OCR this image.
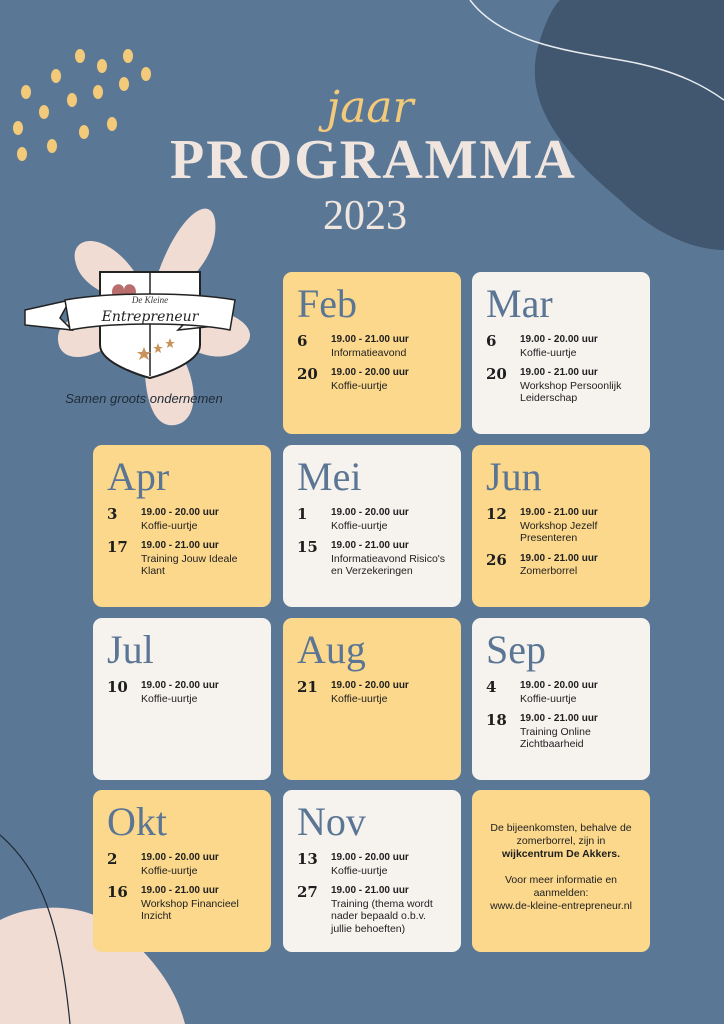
De Kleine
Entrepreneur
jaar
PROGRAMMA
2023
Samen groots ondernemen
Feb
6	19.00 - 21.00 uur
Informatieavond
20	19.00 - 20.00 uur
Koffie-uurtje
Mar
6	19.00 - 20.00 uur
Koffie-uurtje
20	19.00 - 21.00 uur
Workshop Persoonlijk Leiderschap
Apr
3	19.00 - 20.00 uur
Koffie-uurtje
17	19.00 - 21.00 uur
Training Jouw Ideale Klant
Mei
1	19.00 - 20.00 uur
Koffie-uurtje
15	19.00 - 21.00 uur
Informatieavond Risico's en Verzekeringen
Jun
12	19.00 - 21.00 uur
Workshop Jezelf Presenteren
26	19.00 - 21.00 uur
Zomerborrel
Jul
10	19.00 - 20.00 uur
Koffie-uurtje
Aug
21	19.00 - 20.00 uur
Koffie-uurtje
Sep
4	19.00 - 20.00 uur
Koffie-uurtje
18	19.00 - 21.00 uur
Training Online Zichtbaarheid
Okt
2	19.00 - 20.00 uur
Koffie-uurtje
16	19.00 - 21.00 uur
Workshop Financieel Inzicht
Nov
13	19.00 - 20.00 uur
Koffie-uurtje
27	19.00 - 21.00 uur
Training (thema wordt nader bepaald o.b.v. jullie behoeften)

De bijeenkomsten, behalve de zomerborrel, zijn in
wijkcentrum De Akkers.

Voor meer informatie en aanmelden:
www.de-kleine-entrepreneur.nl
